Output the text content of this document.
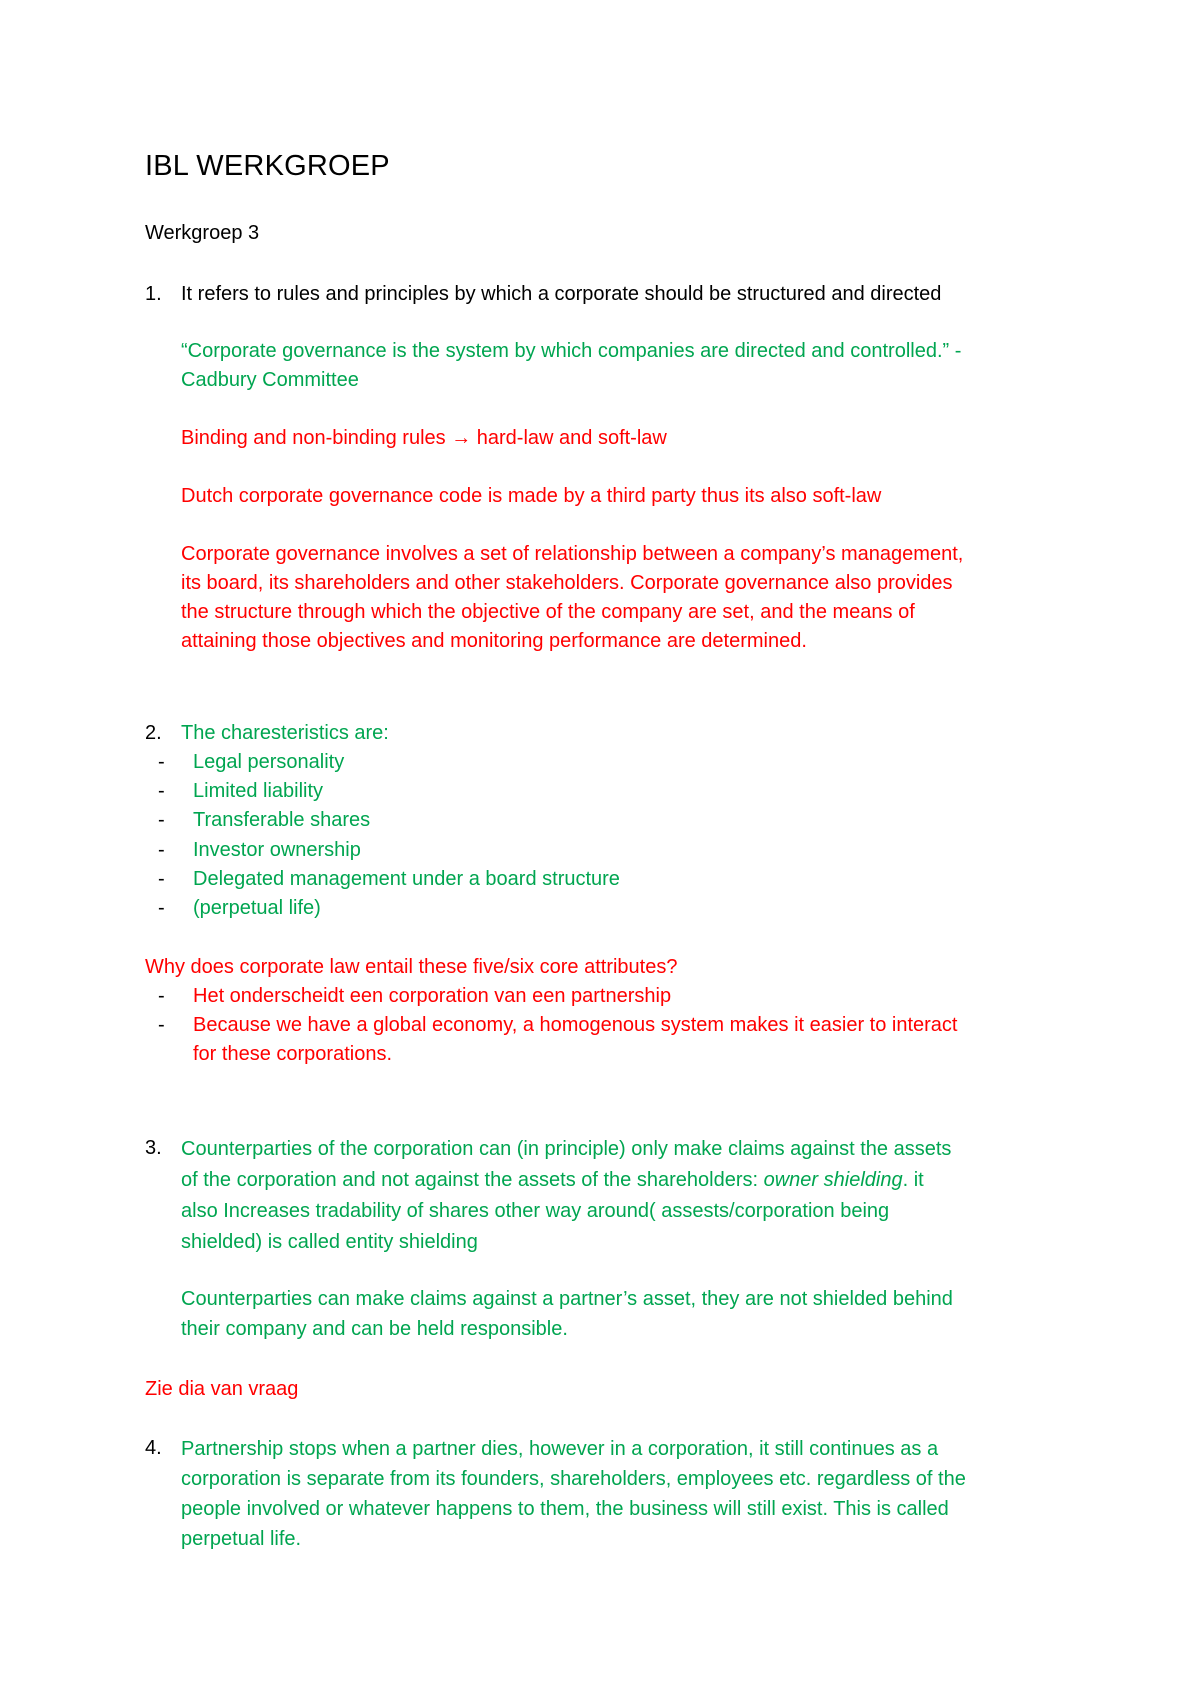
IBL WERKGROEP
Werkgroep 3
1. It refers to rules and principles by which a corporate should be structured and directed
“Corporate governance is the system by which companies are directed and controlled.” -
Cadbury Committee
Binding and non-binding rules → hard-law and soft-law
Dutch corporate governance code is made by a third party thus its also soft-law
Corporate governance involves a set of relationship between a company’s management,
its board, its shareholders and other stakeholders. Corporate governance also provides
the structure through which the objective of the company are set, and the means of
attaining those objectives and monitoring performance are determined.
2. The charesteristics are:
- Legal personality
- Limited liability
- Transferable shares
- Investor ownership
- Delegated management under a board structure
- (perpetual life)
Why does corporate law entail these five/six core attributes?
- Het onderscheidt een corporation van een partnership
- Because we have a global economy, a homogenous system makes it easier to interact
for these corporations.
3. Counterparties of the corporation can (in principle) only make claims against the assets
of the corporation and not against the assets of the shareholders: owner shielding. it
also Increases tradability of shares other way around( assests/corporation being
shielded) is called entity shielding
Counterparties can make claims against a partner’s asset, they are not shielded behind
their company and can be held responsible.
Zie dia van vraag
4. Partnership stops when a partner dies, however in a corporation, it still continues as a
corporation is separate from its founders, shareholders, employees etc. regardless of the
people involved or whatever happens to them, the business will still exist. This is called
perpetual life.
